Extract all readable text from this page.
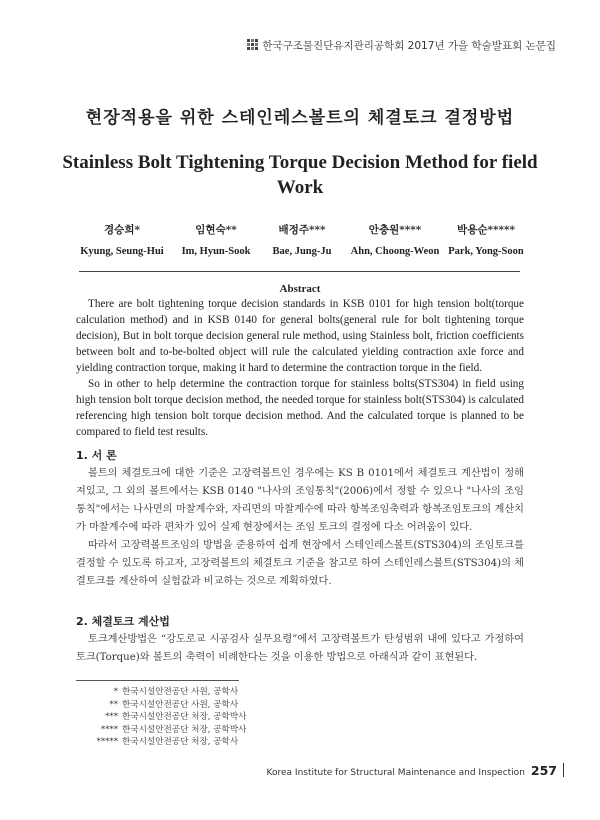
한국구조물진단유지관리공학회 2017년 가을 학술발표회 논문집
현장적용을 위한 스테인레스볼트의 체결토크 결정방법
Stainless Bolt Tightening Torque Decision Method for field Work
경승희*
Kyung, Seung-Hui
임현숙**
Im, Hyun-Sook
배정주***
Bae, Jung-Ju
안충원****
Ahn, Choong-Weon
박용순*****
Park, Yong-Soon
Abstract

There are bolt tightening torque decision standards in KSB 0101 for high tension bolt(torque calculation method) and in KSB 0140 for general bolts(general rule for bolt tightening torque decision), But in bolt torque decision general rule method, using Stainless bolt, friction coefficients between bolt and to-be-bolted object will rule the calculated yielding contraction axle force and yielding contraction torque, making it hard to determine the contraction torque in the field.

So in other to help determine the contraction torque for stainless bolts(STS304) in field using high tension bolt torque decision method, the needed torque for stainless bolt(STS304) is calculated referencing high tension bolt torque decision method. And the calculated torque is planned to be compared to field test results.

1. 서 론

볼트의 체결토크에 대한 기준은 고장력볼트인 경우에는 KS B 0101에서 체결토크 계산법이 정해져있고, 그 외의 볼트에서는 KSB 0140 "나사의 조임통칙"(2006)에서 정할 수 있으나 "나사의 조임통칙"에서는 나사면의 마찰계수와, 자리면의 마찰계수에 따라 항복조임축력과 항복조임토크의 계산치가 마찰계수에 따라 편차가 있어 실제 현장에서는 조임 토크의 결정에 다소 어려움이 있다.

따라서 고장력볼트조임의 방법을 준용하여 쉽게 현장에서 스테인레스볼트(STS304)의 조임토크를 결정할 수 있도록 하고자, 고장력볼트의 체결토크 기준을 참고로 하여 스테인레스볼트(STS304)의 체결토크를 계산하여 실험값과 비교하는 것으로 계획하였다.

2. 체결토크 계산법

토크계산방법은 “강도로교 시공검사 실무요령”에서 고장력볼트가 탄성범위 내에 있다고 가정하여 토크(Torque)와 볼트의 축력이 비례한다는 것을 이용한 방법으로 아래식과 같이 표현된다.

* 한국시설안전공단 사원, 공학사
** 한국시설안전공단 사원, 공학사
*** 한국시설안전공단 처장, 공학박사
**** 한국시설안전공단 처장, 공학박사
***** 한국시설안전공단 처장, 공학사
Korea Institute for Structural Maintenance and Inspection 257
